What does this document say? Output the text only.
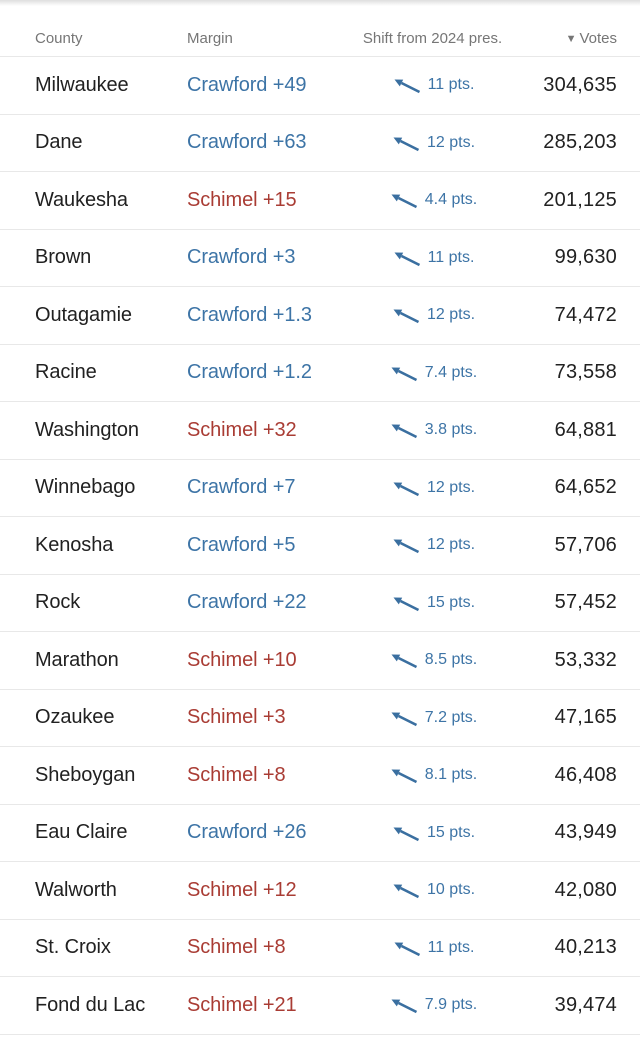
County	Margin	Shift from 2024 pres.	▼ Votes
Milwaukee	Crawford +49	11 pts.	304,635
Dane	Crawford +63	12 pts.	285,203
Waukesha	Schimel +15	4.4 pts.	201,125
Brown	Crawford +3	11 pts.	99,630
Outagamie	Crawford +1.3	12 pts.	74,472
Racine	Crawford +1.2	7.4 pts.	73,558
Washington	Schimel +32	3.8 pts.	64,881
Winnebago	Crawford +7	12 pts.	64,652
Kenosha	Crawford +5	12 pts.	57,706
Rock	Crawford +22	15 pts.	57,452
Marathon	Schimel +10	8.5 pts.	53,332
Ozaukee	Schimel +3	7.2 pts.	47,165
Sheboygan	Schimel +8	8.1 pts.	46,408
Eau Claire	Crawford +26	15 pts.	43,949
Walworth	Schimel +12	10 pts.	42,080
St. Croix	Schimel +8	11 pts.	40,213
Fond du Lac	Schimel +21	7.9 pts.	39,474
